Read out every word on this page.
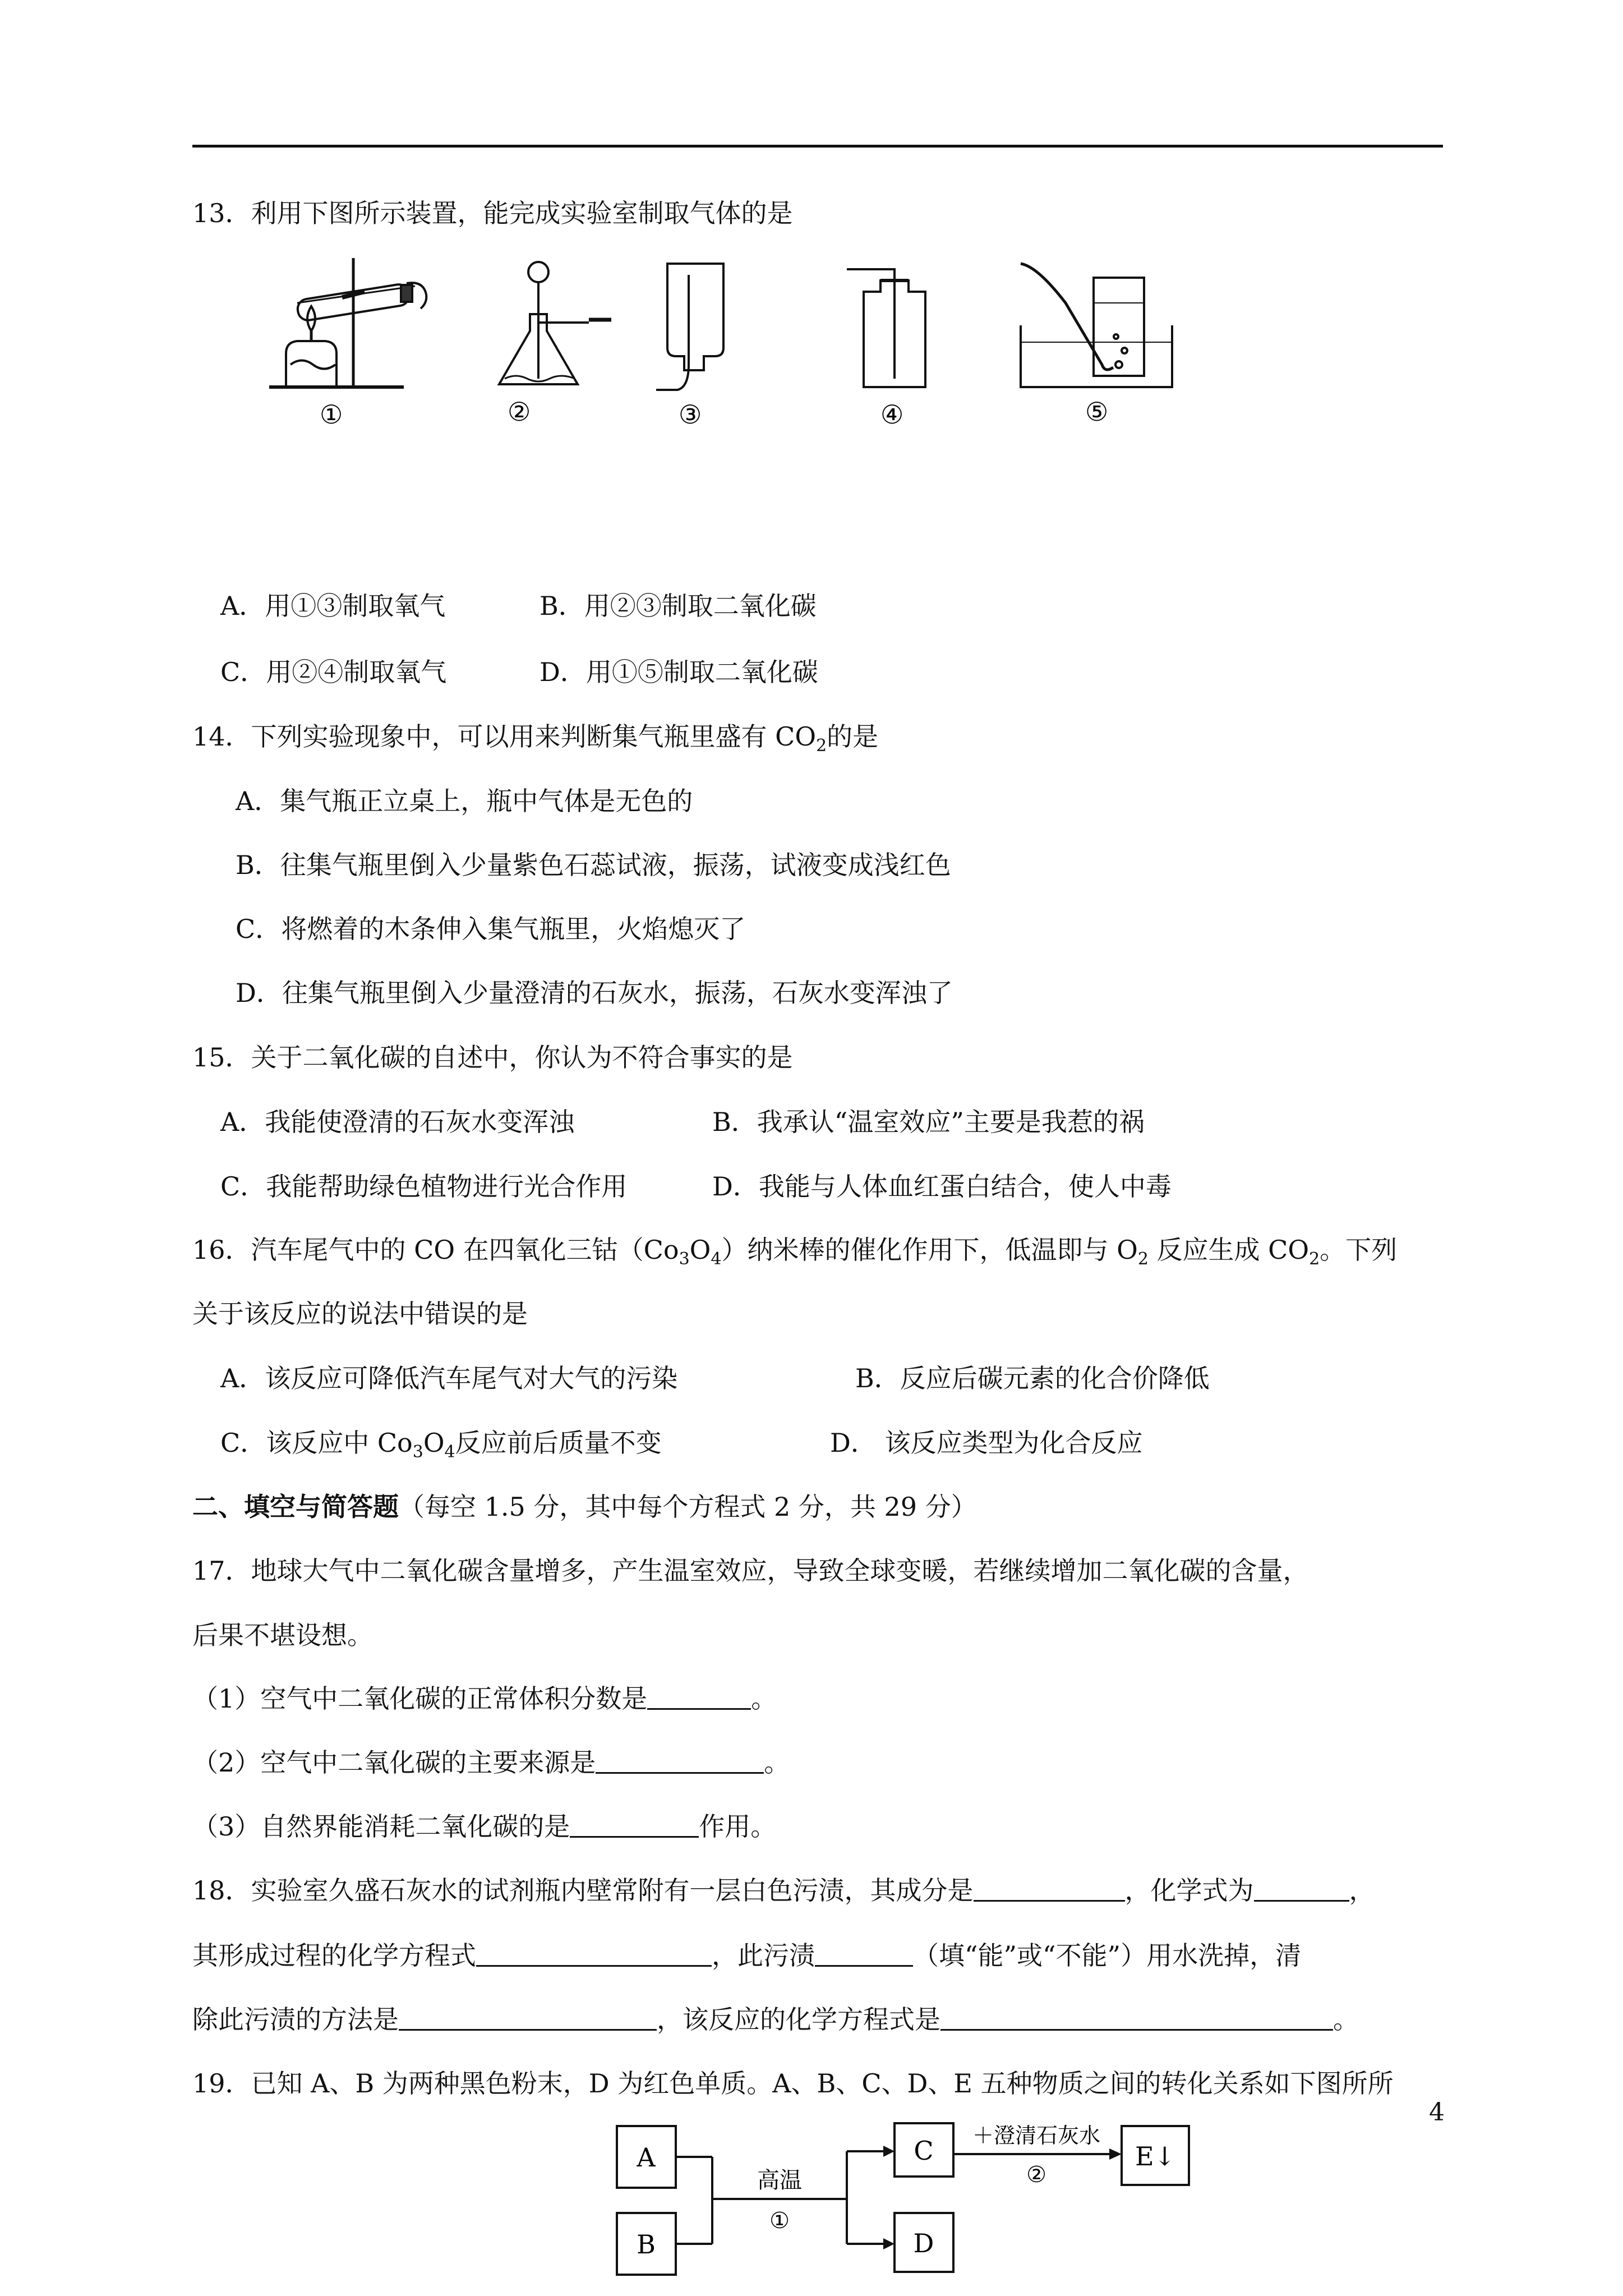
13．利用下图所示装置，能完成实验室制取气体的是
①	②	③	④	⑤
A．用①③制取氧气	B．用②③制取二氧化碳
C．用②④制取氧气	D．用①⑤制取二氧化碳
14．下列实验现象中，可以用来判断集气瓶里盛有 $CO_2$的是
A．集气瓶正立桌上，瓶中气体是无色的
B．往集气瓶里倒入少量紫色石蕊试液，振荡，试液变成浅红色
C．将燃着的木条伸入集气瓶里，火焰熄灭了
D．往集气瓶里倒入少量澄清的石灰水，振荡，石灰水变浑浊了
15．关于二氧化碳的自述中，你认为不符合事实的是
A．我能使澄清的石灰水变浑浊	B．我承认“温室效应”主要是我惹的祸
C．我能帮助绿色植物进行光合作用	D．我能与人体血红蛋白结合，使人中毒
16．汽车尾气中的 CO 在四氧化三钴$(Co_3O_4)$纳米棒的催化作用下，低温即与 $O_2$ 反应生成 $CO_2$。下列
关于该反应的说法中错误的是
A．该反应可降低汽车尾气对大气的污染	B．反应后碳元素的化合价降低
C．该反应中 $Co_3O_4$反应前后质量不变	D． 该反应类型为化合反应
二、填空与简答题（每空 1.5 分，其中每个方程式 2 分，共 29 分）
17．地球大气中二氧化碳含量增多，产生温室效应，导致全球变暖，若继续增加二氧化碳的含量，
后果不堪设想。
（1）空气中二氧化碳的正常体积分数是	。
（2）空气中二氧化碳的主要来源是	。
（3）自然界能消耗二氧化碳的是	作用。
18．实验室久盛石灰水的试剂瓶内壁常附有一层白色污渍，其成分是	，化学式为	，
其形成过程的化学方程式	，此污渍	（填“能”或“不能”）用水洗掉，清
除此污渍的方法是	，该反应的化学方程式是	。
19．已知 A、B 为两种黑色粉末，D 为红色单质。A、B、C、D、E 五种物质之间的转化关系如下图所所
A
B
C
D
E↓
高温
①
＋澄清石灰水
②
4
